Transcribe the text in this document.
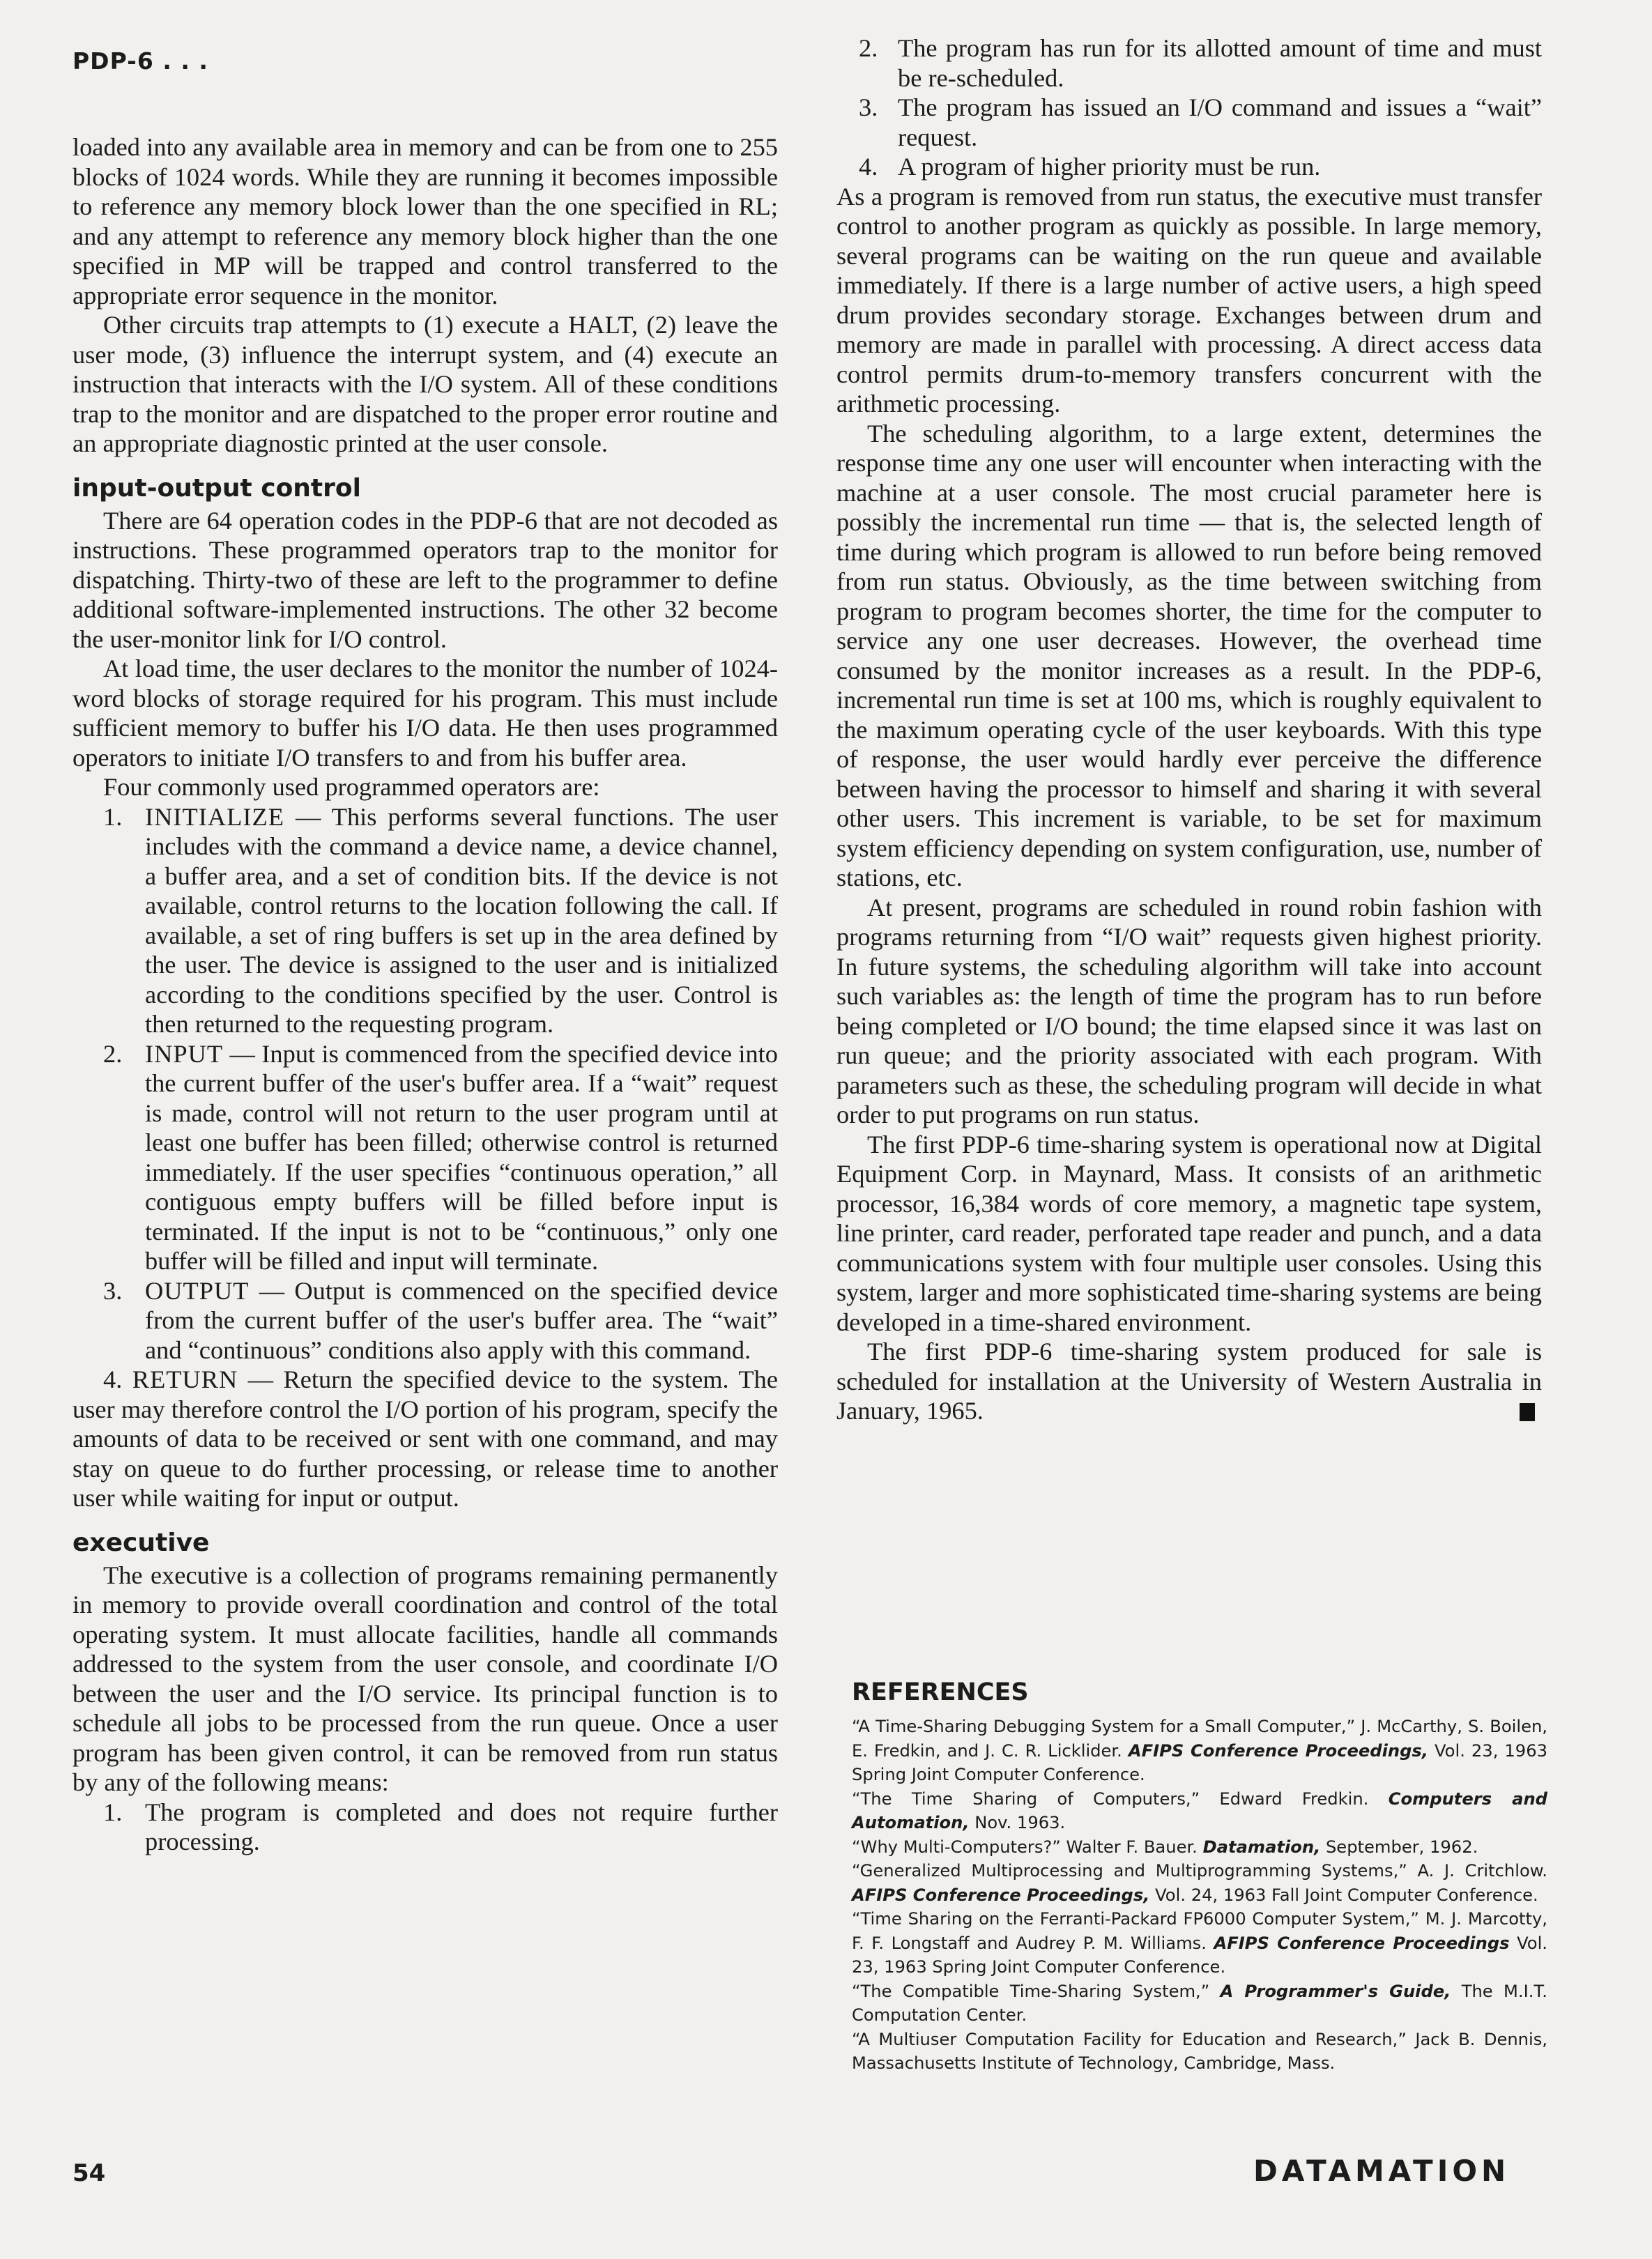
PDP-6 . . .

loaded into any available area in memory and can be from one to 255 blocks of 1024 words. While they are running it becomes impossible to reference any memory block lower than the one specified in RL; and any attempt to reference any memory block higher than the one specified in MP will be trapped and control transferred to the appropriate error sequence in the monitor.

Other circuits trap attempts to (1) execute a HALT, (2) leave the user mode, (3) influence the interrupt system, and (4) execute an instruction that interacts with the I/O system. All of these conditions trap to the monitor and are dispatched to the proper error routine and an appropriate diagnostic printed at the user console.

input-output control

There are 64 operation codes in the PDP-6 that are not decoded as instructions. These programmed operators trap to the monitor for dispatching. Thirty-two of these are left to the programmer to define additional software-implemented instructions. The other 32 become the user-monitor link for I/O control.

At load time, the user declares to the monitor the number of 1024-word blocks of storage required for his program. This must include sufficient memory to buffer his I/O data. He then uses programmed operators to initiate I/O transfers to and from his buffer area.

Four commonly used programmed operators are:

1. INITIALIZE — This performs several functions. The user includes with the command a device name, a device channel, a buffer area, and a set of condition bits. If the device is not available, control returns to the location following the call. If available, a set of ring buffers is set up in the area defined by the user. The device is assigned to the user and is initialized according to the conditions specified by the user. Control is then returned to the requesting program.
2. INPUT — Input is commenced from the specified device into the current buffer of the user's buffer area. If a “wait” request is made, control will not return to the user program until at least one buffer has been filled; otherwise control is returned immediately. If the user specifies “continuous operation,” all contiguous empty buffers will be filled before input is terminated. If the input is not to be “continuous,” only one buffer will be filled and input will terminate.
3. OUTPUT — Output is commenced on the specified device from the current buffer of the user's buffer area. The “wait” and “continuous” conditions also apply with this command.

4. RETURN — Return the specified device to the system. The user may therefore control the I/O portion of his program, specify the amounts of data to be received or sent with one command, and may stay on queue to do further processing, or release time to another user while waiting for input or output.

executive

The executive is a collection of programs remaining permanently in memory to provide overall coordination and control of the total operating system. It must allocate facilities, handle all commands addressed to the system from the user console, and coordinate I/O between the user and the I/O service. Its principal function is to schedule all jobs to be processed from the run queue. Once a user program has been given control, it can be removed from run status by any of the following means:

1. The program is completed and does not require further processing.
2. The program has run for its allotted amount of time and must be re-scheduled.
3. The program has issued an I/O command and issues a “wait” request.
4. A program of higher priority must be run.

As a program is removed from run status, the executive must transfer control to another program as quickly as possible. In large memory, several programs can be waiting on the run queue and available immediately. If there is a large number of active users, a high speed drum provides secondary storage. Exchanges between drum and memory are made in parallel with processing. A direct access data control permits drum-to-memory transfers concurrent with the arithmetic processing.

The scheduling algorithm, to a large extent, determines the response time any one user will encounter when interacting with the machine at a user console. The most crucial parameter here is possibly the incremental run time — that is, the selected length of time during which program is allowed to run before being removed from run status. Obviously, as the time between switching from program to program becomes shorter, the time for the computer to service any one user decreases. However, the overhead time consumed by the monitor increases as a result. In the PDP-6, incremental run time is set at 100 ms, which is roughly equivalent to the maximum operating cycle of the user keyboards. With this type of response, the user would hardly ever perceive the difference between having the processor to himself and sharing it with several other users. This increment is variable, to be set for maximum system efficiency depending on system configuration, use, number of stations, etc.

At present, programs are scheduled in round robin fashion with programs returning from “I/O wait” requests given highest priority. In future systems, the scheduling algorithm will take into account such variables as: the length of time the program has to run before being completed or I/O bound; the time elapsed since it was last on run queue; and the priority associated with each program. With parameters such as these, the scheduling program will decide in what order to put programs on run status.

The first PDP-6 time-sharing system is operational now at Digital Equipment Corp. in Maynard, Mass. It consists of an arithmetic processor, 16,384 words of core memory, a magnetic tape system, line printer, card reader, perforated tape reader and punch, and a data communications system with four multiple user consoles. Using this system, larger and more sophisticated time-sharing systems are being developed in a time-shared environment.

The first PDP-6 time-sharing system produced for sale is scheduled for installation at the University of Western Australia in January, 1965.

REFERENCES

“A Time-Sharing Debugging System for a Small Computer,” J. McCarthy, S. Boilen, E. Fredkin, and J. C. R. Licklider. AFIPS Conference Proceedings, Vol. 23, 1963 Spring Joint Computer Conference.

“The Time Sharing of Computers,” Edward Fredkin. Computers and Automation, Nov. 1963.

“Why Multi-Computers?” Walter F. Bauer. Datamation, September, 1962.

“Generalized Multiprocessing and Multiprogramming Systems,” A. J. Critchlow. AFIPS Conference Proceedings, Vol. 24, 1963 Fall Joint Computer Conference.

“Time Sharing on the Ferranti-Packard FP6000 Computer System,” M. J. Marcotty, F. F. Longstaff and Audrey P. M. Williams. AFIPS Conference Proceedings Vol. 23, 1963 Spring Joint Computer Conference.

“The Compatible Time-Sharing System,” A Programmer's Guide, The M.I.T. Computation Center.

“A Multiuser Computation Facility for Education and Research,” Jack B. Dennis, Massachusetts Institute of Technology, Cambridge, Mass.

54	DATAMATION
